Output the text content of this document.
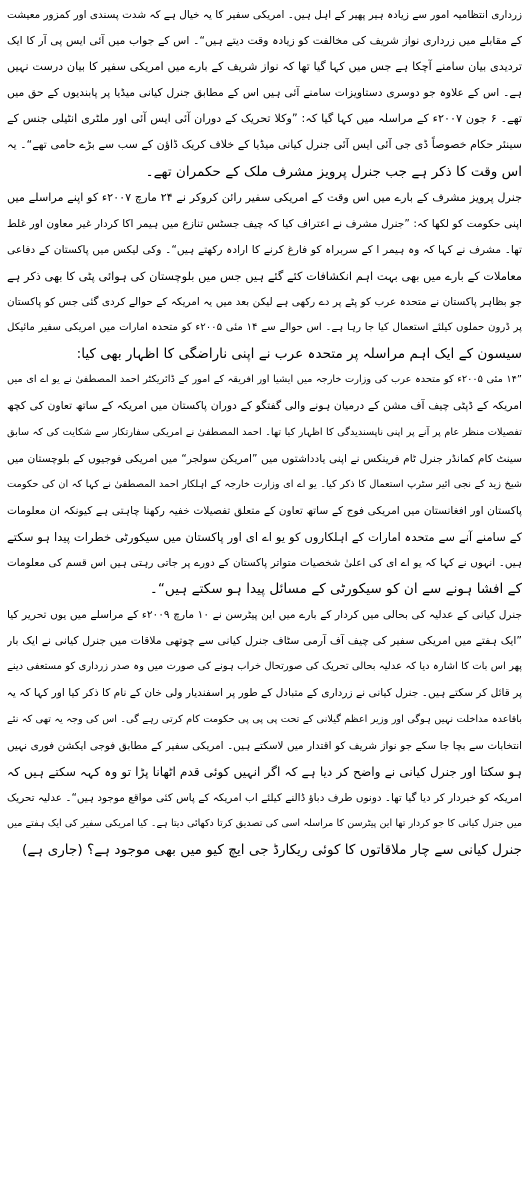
زرداری انتظامیہ امور سے زیادہ ہیر پھیر کے اہل ہیں۔ امریکی سفیر کا یہ خیال ہے کہ شدت پسندی اور کمزور معیشت
کے مقابلے میں زرداری نواز شریف کی مخالفت کو زیادہ وقت دیتے ہیں“۔ اس کے جواب میں آئی ایس پی آر کا ایک
تردیدی بیان سامنے آچکا ہے جس میں کہا گیا تھا کہ نواز شریف کے بارے میں امریکی سفیر کا بیان درست نہیں
ہے۔ اس کے علاوہ جو دوسری دستاویزات سامنے آئی ہیں اس کے مطابق جنرل کیانی میڈیا پر پابندیوں کے حق میں
تھے۔ ۶ جون ۲۰۰۷ء کے مراسلہ میں کہا گیا کہ: ”وکلا تحریک کے دوران آئی ایس آئی اور ملٹری انٹیلی جنس کے
سینئر حکام خصوصاً ڈی جی آئی ایس آئی جنرل کیانی میڈیا کے خلاف کریک ڈاؤن کے سب سے بڑے حامی تھے“۔ یہ
اس وقت کا ذکر ہے جب جنرل پرویز مشرف ملک کے حکمران تھے۔
جنرل پرویز مشرف کے بارے میں اس وقت کے امریکی سفیر رائن کروکر نے ۲۴ مارچ ۲۰۰۷ء کو اپنے مراسلے میں
اپنی حکومت کو لکھا کہ: ”جنرل مشرف نے اعتراف کیا کہ چیف جسٹس تنازع میں ہیمر اکا کردار غیر معاون اور غلط
تھا۔ مشرف نے کہا کہ وہ ہیمر ا کے سربراہ کو فارغ کرنے کا ارادہ رکھتے ہیں“۔ وکی لیکس میں پاکستان کے دفاعی
معاملات کے بارے میں بھی بہت اہم انکشافات کئے گئے ہیں جس میں بلوچستان کی ہوائی پٹی کا بھی ذکر ہے
جو بظاہر پاکستان نے متحدہ عرب کو پٹے پر دے رکھی ہے لیکن بعد میں یہ امریکہ کے حوالے کردی گئی جس کو پاکستان
پر ڈرون حملوں کیلئے استعمال کیا جا رہا ہے۔ اس حوالے سے ۱۴ مئی ۲۰۰۵ء کو متحدہ امارات میں امریکی سفیر مائیکل
سیسون کے ایک اہم مراسلہ پر متحدہ عرب نے اپنی ناراضگی کا اظہار بھی کیا:
”۱۴ مئی ۲۰۰۵ء کو متحدہ عرب کی وزارت خارجہ میں ایشیا اور افریقہ کے امور کے ڈائریکٹر احمد المصطفیٰ نے یو اے ای میں
امریکہ کے ڈپٹی چیف آف مشن کے درمیان ہونے والی گفتگو کے دوران پاکستان میں امریکہ کے ساتھ تعاون کی کچھ
تفصیلات منظر عام پر آنے پر اپنی ناپسندیدگی کا اظہار کیا تھا۔ احمد المصطفیٰ نے امریکی سفارتکار سے شکایت کی کہ سابق
سینٹ کام کمانڈر جنرل ٹام فرینکس نے اپنی یادداشتوں میں ”امریکن سولجر“ میں امریکی فوجیوں کے بلوچستان میں
شیخ زید کے نجی ائیر سٹرپ استعمال کا ذکر کیا۔ یو اے ای وزارت خارجہ کے اہلکار احمد المصطفیٰ نے کہا کہ ان کی حکومت
پاکستان اور افغانستان میں امریکی فوج کے ساتھ تعاون کے متعلق تفصیلات خفیہ رکھنا چاہتی ہے کیونکہ ان معلومات
کے سامنے آنے سے متحدہ امارات کے اہلکاروں کو یو اے ای اور پاکستان میں سیکورٹی خطرات پیدا ہو سکتے
ہیں۔ انہوں نے کہا کہ یو اے ای کی اعلیٰ شخصیات متواتر پاکستان کے دورے پر جاتی رہتی ہیں اس قسم کی معلومات
کے افشا ہونے سے ان کو سیکورٹی کے مسائل پیدا ہو سکتے ہیں“۔
جنرل کیانی کے عدلیہ کی بحالی میں کردار کے بارے میں این پیٹرسن نے ۱۰ مارچ ۲۰۰۹ء کے مراسلے میں یوں تحریر کیا
”ایک ہفتے میں امریکی سفیر کی چیف آف آرمی سٹاف جنرل کیانی سے چوتھی ملاقات میں جنرل کیانی نے ایک بار
پھر اس بات کا اشارہ دیا کہ عدلیہ بحالی تحریک کی صورتحال خراب ہونے کی صورت میں وہ صدر زرداری کو مستعفی دینے
پر قائل کر سکتے ہیں۔ جنرل کیانی نے زرداری کے متبادل کے طور پر اسفندیار ولی خان کے نام کا ذکر کیا اور کہا کہ یہ
باقاعدہ مداخلت نہیں ہوگی اور وزیر اعظم گیلانی کے تحت پی پی پی حکومت کام کرتی رہے گی۔ اس کی وجہ یہ تھی کہ نئے
انتخابات سے بچا جا سکے جو نواز شریف کو اقتدار میں لاسکتے ہیں۔ امریکی سفیر کے مطابق فوجی ایکشن فوری نہیں
ہو سکتا اور جنرل کیانی نے واضح کر دیا ہے کہ اگر انہیں کوئی قدم اٹھانا پڑا تو وہ کہہ سکتے ہیں کہ
امریکہ کو خبردار کر دیا گیا تھا۔ دونوں طرف دباؤ ڈالنے کیلئے اب امریکہ کے پاس کئی مواقع موجود ہیں“۔ عدلیہ تحریک
میں جنرل کیانی کا جو کردار تھا این پیٹرسن کا مراسلہ اسی کی تصدیق کرتا دکھائی دیتا ہے۔ کیا امریکی سفیر کی ایک ہفتے میں
جنرل کیانی سے چار ملاقاتوں کا کوئی ریکارڈ جی ایچ کیو میں بھی موجود ہے؟ (جاری ہے)
